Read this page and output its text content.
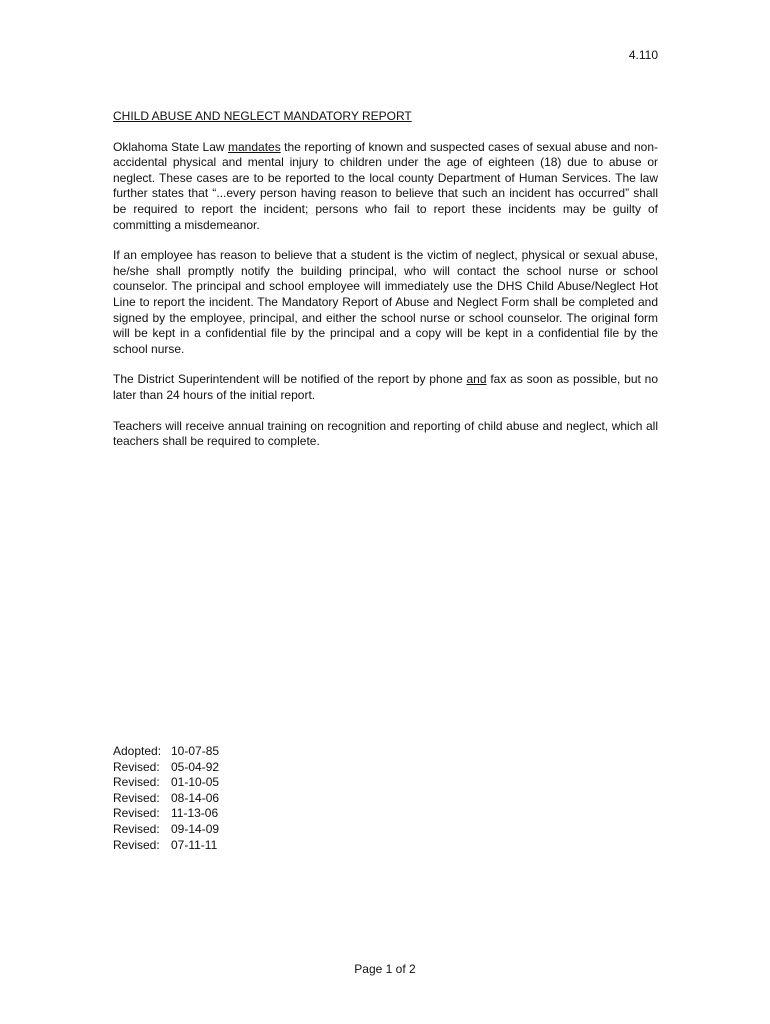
4.110
CHILD ABUSE AND NEGLECT MANDATORY REPORT

Oklahoma State Law mandates the reporting of known and suspected cases of sexual abuse and non-accidental physical and mental injury to children under the age of eighteen (18) due to abuse or neglect. These cases are to be reported to the local county Department of Human Services. The law further states that “...every person having reason to believe that such an incident has occurred” shall be required to report the incident; persons who fail to report these incidents may be guilty of committing a misdemeanor.

If an employee has reason to believe that a student is the victim of neglect, physical or sexual abuse, he/she shall promptly notify the building principal, who will contact the school nurse or school counselor. The principal and school employee will immediately use the DHS Child Abuse/Neglect Hot Line to report the incident. The Mandatory Report of Abuse and Neglect Form shall be completed and signed by the employee, principal, and either the school nurse or school counselor. The original form will be kept in a confidential file by the principal and a copy will be kept in a confidential file by the school nurse.

The District Superintendent will be notified of the report by phone and fax as soon as possible, but no later than 24 hours of the initial report.

Teachers will receive annual training on recognition and reporting of child abuse and neglect, which all teachers shall be required to complete.

Adopted: 10-07-85
Revised: 05-04-92
Revised: 01-10-05
Revised: 08-14-06
Revised: 11-13-06
Revised: 09-14-09
Revised: 07-11-11
Page 1 of 2
